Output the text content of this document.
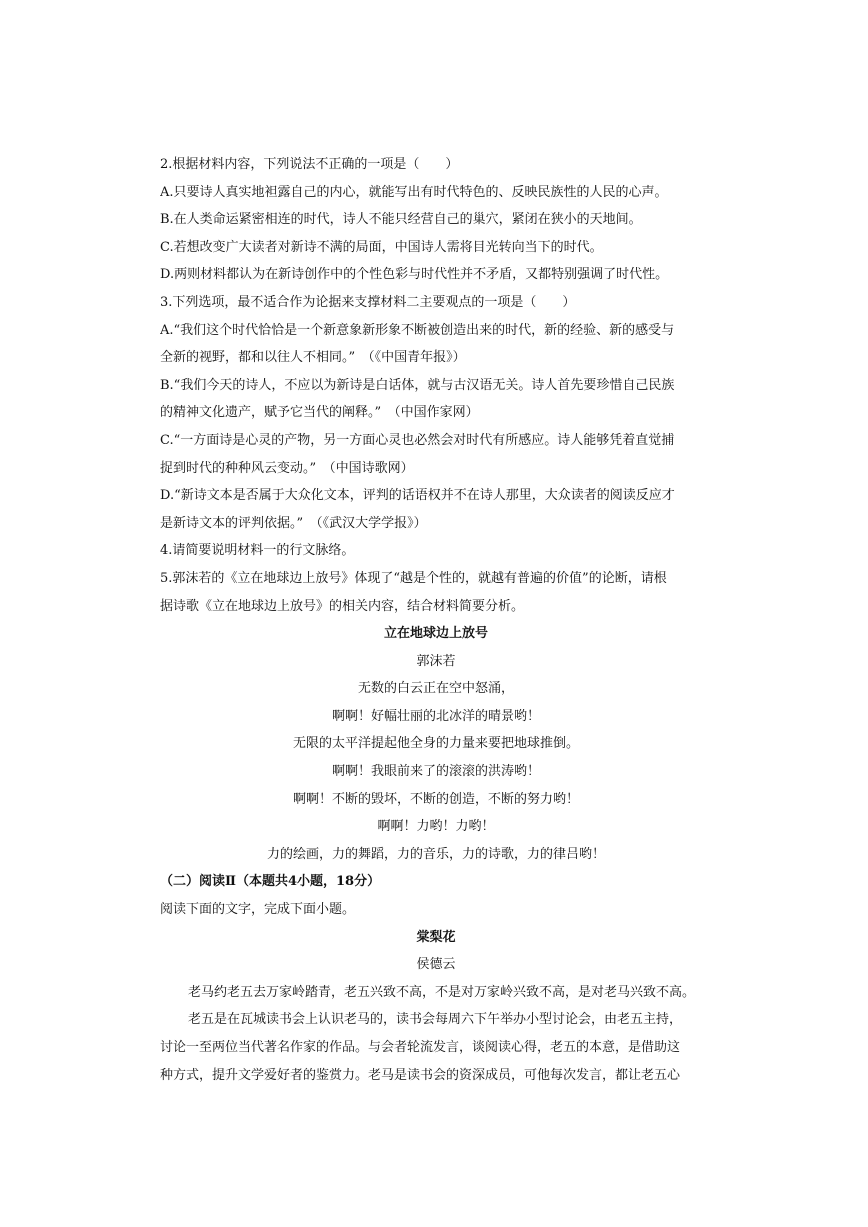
2.根据材料内容，下列说法不正确的一项是（　　）
A.只要诗人真实地袒露自己的内心，就能写出有时代特色的、反映民族性的人民的心声。
B.在人类命运紧密相连的时代，诗人不能只经营自己的巢穴，紧闭在狭小的天地间。
C.若想改变广大读者对新诗不满的局面，中国诗人需将目光转向当下的时代。
D.两则材料都认为在新诗创作中的个性色彩与时代性并不矛盾，又都特别强调了时代性。
3.下列选项，最不适合作为论据来支撑材料二主要观点的一项是（　　）
A.“我们这个时代恰恰是一个新意象新形象不断被创造出来的时代，新的经验、新的感受与
全新的视野，都和以往人不相同。”　（《中国青年报》）
B.“我们今天的诗人，不应以为新诗是白话体，就与古汉语无关。诗人首先要珍惜自己民族
的精神文化遗产，赋予它当代的阐释。”　（中国作家网）
C.“一方面诗是心灵的产物，另一方面心灵也必然会对时代有所感应。诗人能够凭着直觉捕
捉到时代的种种风云变动。”　（中国诗歌网）
D.“新诗文本是否属于大众化文本，评判的话语权并不在诗人那里，大众读者的阅读反应才
是新诗文本的评判依据。”　（《武汉大学学报》）
4.请简要说明材料一的行文脉络。
5.郭沫若的《立在地球边上放号》体现了“越是个性的，就越有普遍的价值”的论断，请根
据诗歌《立在地球边上放号》的相关内容，结合材料简要分析。
立在地球边上放号
郭沫若
无数的白云正在空中怒涌，
啊啊！好幅壮丽的北冰洋的晴景哟！
无限的太平洋提起他全身的力量来要把地球推倒。
啊啊！我眼前来了的滚滚的洪涛哟！
啊啊！不断的毁坏，不断的创造，不断的努力哟！
啊啊！力哟！力哟！
力的绘画，力的舞蹈，力的音乐，力的诗歌，力的律吕哟！
（二）阅读Ⅱ（本题共4小题，18分）
阅读下面的文字，完成下面小题。
棠梨花
侯德云
老马约老五去万家岭踏青，老五兴致不高，不是对万家岭兴致不高，是对老马兴致不高。
老五是在瓦城读书会上认识老马的，读书会每周六下午举办小型讨论会，由老五主持，
讨论一至两位当代著名作家的作品。与会者轮流发言，谈阅读心得，老五的本意，是借助这
种方式，提升文学爱好者的鉴赏力。老马是读书会的资深成员，可他每次发言，都让老五心
